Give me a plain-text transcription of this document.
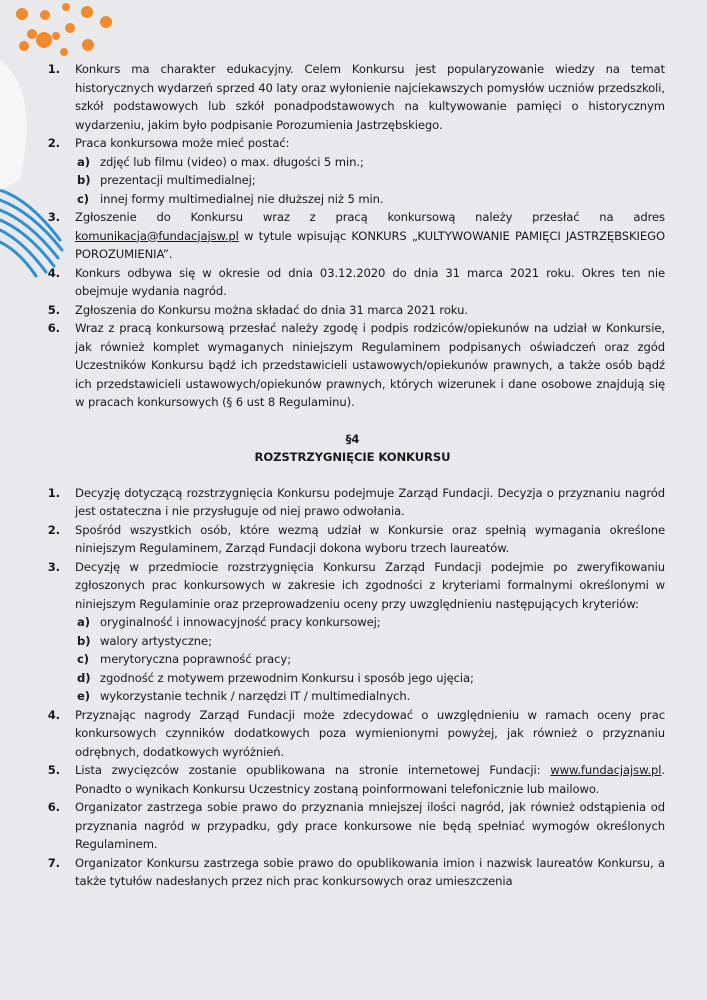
1. Konkurs ma charakter edukacyjny. Celem Konkursu jest popularyzowanie wiedzy na temat historycznych wydarzeń sprzed 40 laty oraz wyłonienie najciekawszych pomysłów uczniów przedszkoli, szkół podstawowych lub szkół ponadpodstawowych na kultywowanie pamięci o historycznym wydarzeniu, jakim było podpisanie Porozumienia Jastrzębskiego.
2. Praca konkursowa może mieć postać:
a) zdjęć lub filmu (video) o max. długości 5 min.;
b) prezentacji multimedialnej;
c) innej formy multimedialnej nie dłuższej niż 5 min.
3. Zgłoszenie do Konkursu wraz z pracą konkursową należy przesłać na adres komunikacja@fundacjajsw.pl w tytule wpisując KONKURS „KULTYWOWANIE PAMIĘCI JASTRZĘBSKIEGO POROZUMIENIA”.
4. Konkurs odbywa się w okresie od dnia 03.12.2020 do dnia 31 marca 2021 roku. Okres ten nie obejmuje wydania nagród.
5. Zgłoszenia do Konkursu można składać do dnia 31 marca 2021 roku.
6. Wraz z pracą konkursową przesłać należy zgodę i podpis rodziców/opiekunów na udział w Konkursie, jak również komplet wymaganych niniejszym Regulaminem podpisanych oświadczeń oraz zgód Uczestników Konkursu bądź ich przedstawicieli ustawowych/opiekunów prawnych, a także osób bądź ich przedstawicieli ustawowych/opiekunów prawnych, których wizerunek i dane osobowe znajdują się w pracach konkursowych (§ 6 ust 8 Regulaminu).
§4
ROZSTRZYGNIĘCIE KONKURSU
1. Decyzję dotyczącą rozstrzygnięcia Konkursu podejmuje Zarząd Fundacji. Decyzja o przyznaniu nagród jest ostateczna i nie przysługuje od niej prawo odwołania.
2. Spośród wszystkich osób, które wezmą udział w Konkursie oraz spełnią wymagania określone niniejszym Regulaminem, Zarząd Fundacji dokona wyboru trzech laureatów.
3. Decyzję w przedmiocie rozstrzygnięcia Konkursu Zarząd Fundacji podejmie po zweryfikowaniu zgłoszonych prac konkursowych w zakresie ich zgodności z kryteriami formalnymi określonymi w niniejszym Regulaminie oraz przeprowadzeniu oceny przy uwzględnieniu następujących kryteriów:
a) oryginalność i innowacyjność pracy konkursowej;
b) walory artystyczne;
c) merytoryczna poprawność pracy;
d) zgodność z motywem przewodnim Konkursu i sposób jego ujęcia;
e) wykorzystanie technik / narzędzi IT / multimedialnych.
4. Przyznając nagrody Zarząd Fundacji może zdecydować o uwzględnieniu w ramach oceny prac konkursowych czynników dodatkowych poza wymienionymi powyżej, jak również o przyznaniu odrębnych, dodatkowych wyróżnień.
5. Lista zwycięzców zostanie opublikowana na stronie internetowej Fundacji: www.fundacjajsw.pl. Ponadto o wynikach Konkursu Uczestnicy zostaną poinformowani telefonicznie lub mailowo.
6. Organizator zastrzega sobie prawo do przyznania mniejszej ilości nagród, jak również odstąpienia od przyznania nagród w przypadku, gdy prace konkursowe nie będą spełniać wymogów określonych Regulaminem.
7. Organizator Konkursu zastrzega sobie prawo do opublikowania imion i nazwisk laureatów Konkursu, a także tytułów nadesłanych przez nich prac konkursowych oraz umieszczenia
